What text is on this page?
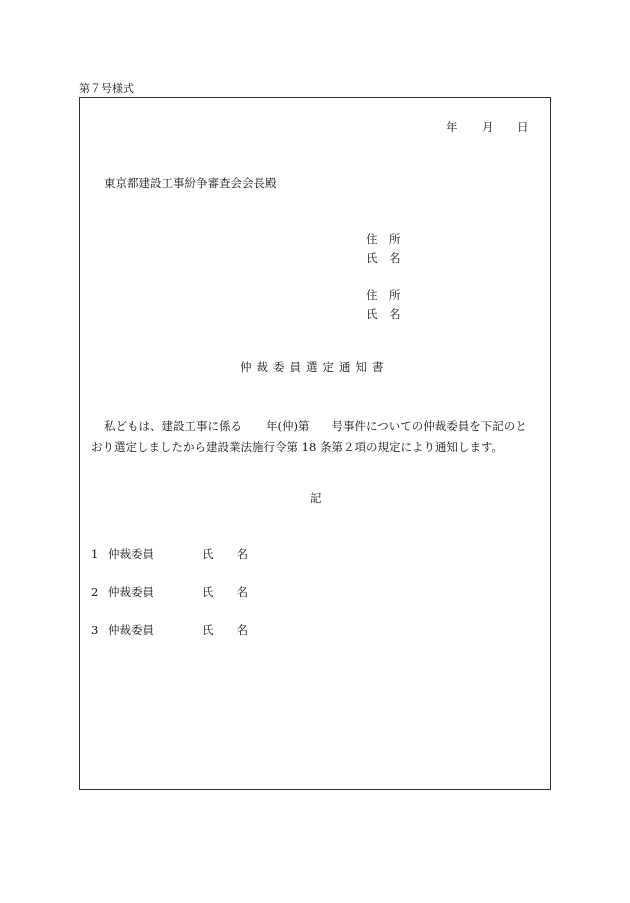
第７号様式
年 月 日
東京都建設工事紛争審査会会長殿
住　所
氏　名
住　所
氏　名
仲裁委員選定通知書

私どもは、建設工事に係る 年(仲)第 号事件についての仲裁委員を下記のと

おり選定しましたから建設業法施行令第 18 条第２項の規定により通知します。

記
1 仲裁委員	氏　　名
2 仲裁委員	氏　　名
3 仲裁委員	氏　　名
